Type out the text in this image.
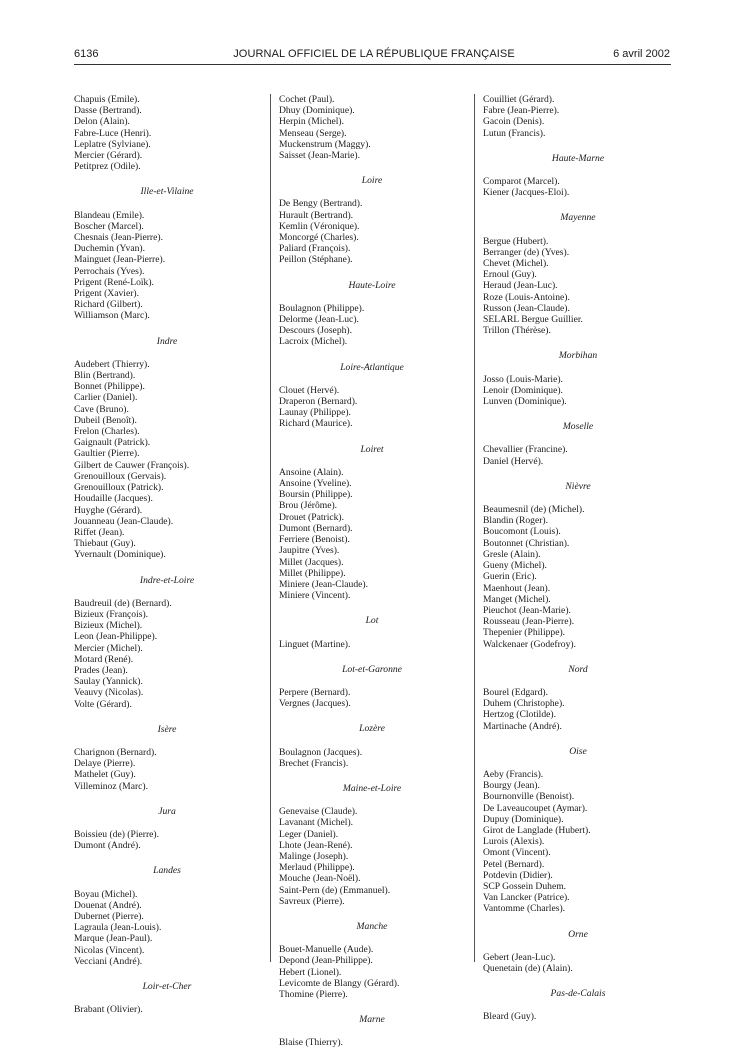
6136	JOURNAL OFFICIEL DE LA RÉPUBLIQUE FRANÇAISE	6 avril 2002
Chapuis (Emile).
Dasse (Bertrand).
Delon (Alain).
Fabre-Luce (Henri).
Leplatre (Sylviane).
Mercier (Gérard).
Petitprez (Odile).
Ille-et-Vilaine
Blandeau (Emile).
Boscher (Marcel).
Chesnais (Jean-Pierre).
Duchemin (Yvan).
Mainguet (Jean-Pierre).
Perrochais (Yves).
Prigent (René-Loïk).
Prigent (Xavier).
Richard (Gilbert).
Williamson (Marc).
Indre
Audebert (Thierry).
Blin (Bertrand).
Bonnet (Philippe).
Carlier (Daniel).
Cave (Bruno).
Dubeil (Benoît).
Frelon (Charles).
Gaignault (Patrick).
Gaultier (Pierre).
Gilbert de Cauwer (François).
Grenouilloux (Gervais).
Grenouilloux (Patrick).
Houdaille (Jacques).
Huyghe (Gérard).
Jouanneau (Jean-Claude).
Riffet (Jean).
Thiebaut (Guy).
Yvernault (Dominique).
Indre-et-Loire
Baudreuil (de) (Bernard).
Bizieux (François).
Bizieux (Michel).
Leon (Jean-Philippe).
Mercier (Michel).
Motard (René).
Prades (Jean).
Saulay (Yannick).
Veauvy (Nicolas).
Volte (Gérard).
Isère
Charignon (Bernard).
Delaye (Pierre).
Mathelet (Guy).
Villeminoz (Marc).
Jura
Boissieu (de) (Pierre).
Dumont (André).
Landes
Boyau (Michel).
Douenat (André).
Dubernet (Pierre).
Lagraula (Jean-Louis).
Marque (Jean-Paul).
Nicolas (Vincent).
Vecciani (André).
Loir-et-Cher
Brabant (Olivier).
Cochet (Paul).
Dhuy (Dominique).
Herpin (Michel).
Menseau (Serge).
Muckenstrum (Maggy).
Saisset (Jean-Marie).
Loire
De Bengy (Bertrand).
Hurault (Bertrand).
Kemlin (Véronique).
Moncorgé (Charles).
Paliard (François).
Peillon (Stéphane).
Haute-Loire
Boulagnon (Philippe).
Delorme (Jean-Luc).
Descours (Joseph).
Lacroix (Michel).
Loire-Atlantique
Clouet (Hervé).
Draperon (Bernard).
Launay (Philippe).
Richard (Maurice).
Loiret
Ansoine (Alain).
Ansoine (Yveline).
Boursin (Philippe).
Brou (Jérôme).
Drouet (Patrick).
Dumont (Bernard).
Ferriere (Benoist).
Jaupitre (Yves).
Millet (Jacques).
Millet (Philippe).
Miniere (Jean-Claude).
Miniere (Vincent).
Lot
Linguet (Martine).
Lot-et-Garonne
Perpere (Bernard).
Vergnes (Jacques).
Lozère
Boulagnon (Jacques).
Brechet (Francis).
Maine-et-Loire
Genevaise (Claude).
Lavanant (Michel).
Leger (Daniel).
Lhote (Jean-René).
Malinge (Joseph).
Merlaud (Philippe).
Mouche (Jean-Noël).
Saint-Pern (de) (Emmanuel).
Savreux (Pierre).
Manche
Bouet-Manuelle (Aude).
Depond (Jean-Philippe).
Hebert (Lionel).
Levicomte de Blangy (Gérard).
Thomine (Pierre).
Marne
Blaise (Thierry).
Couilliet (Gérard).
Fabre (Jean-Pierre).
Gacoin (Denis).
Lutun (Francis).
Haute-Marne
Comparot (Marcel).
Kiener (Jacques-Eloi).
Mayenne
Bergue (Hubert).
Berranger (de) (Yves).
Chevet (Michel).
Ernoul (Guy).
Heraud (Jean-Luc).
Roze (Louis-Antoine).
Russon (Jean-Claude).
SELARL Bergue Guillier.
Trillon (Thérèse).
Morbihan
Josso (Louis-Marie).
Lenoir (Dominique).
Lunven (Dominique).
Moselle
Chevallier (Francine).
Daniel (Hervé).
Nièvre
Beaumesnil (de) (Michel).
Blandin (Roger).
Boucomont (Louis).
Boutonnet (Christian).
Gresle (Alain).
Gueny (Michel).
Guerin (Eric).
Maenhout (Jean).
Manget (Michel).
Pieuchot (Jean-Marie).
Rousseau (Jean-Pierre).
Thepenier (Philippe).
Walckenaer (Godefroy).
Nord
Bourel (Edgard).
Duhem (Christophe).
Hertzog (Clotilde).
Martinache (André).
Oise
Aeby (Francis).
Bourgy (Jean).
Bournonville (Benoist).
De Laveaucoupet (Aymar).
Dupuy (Dominique).
Girot de Langlade (Hubert).
Lurois (Alexis).
Omont (Vincent).
Petel (Bernard).
Potdevin (Didier).
SCP Gossein Duhem.
Van Lancker (Patrice).
Vantomme (Charles).
Orne
Gebert (Jean-Luc).
Quenetain (de) (Alain).
Pas-de-Calais
Bleard (Guy).
